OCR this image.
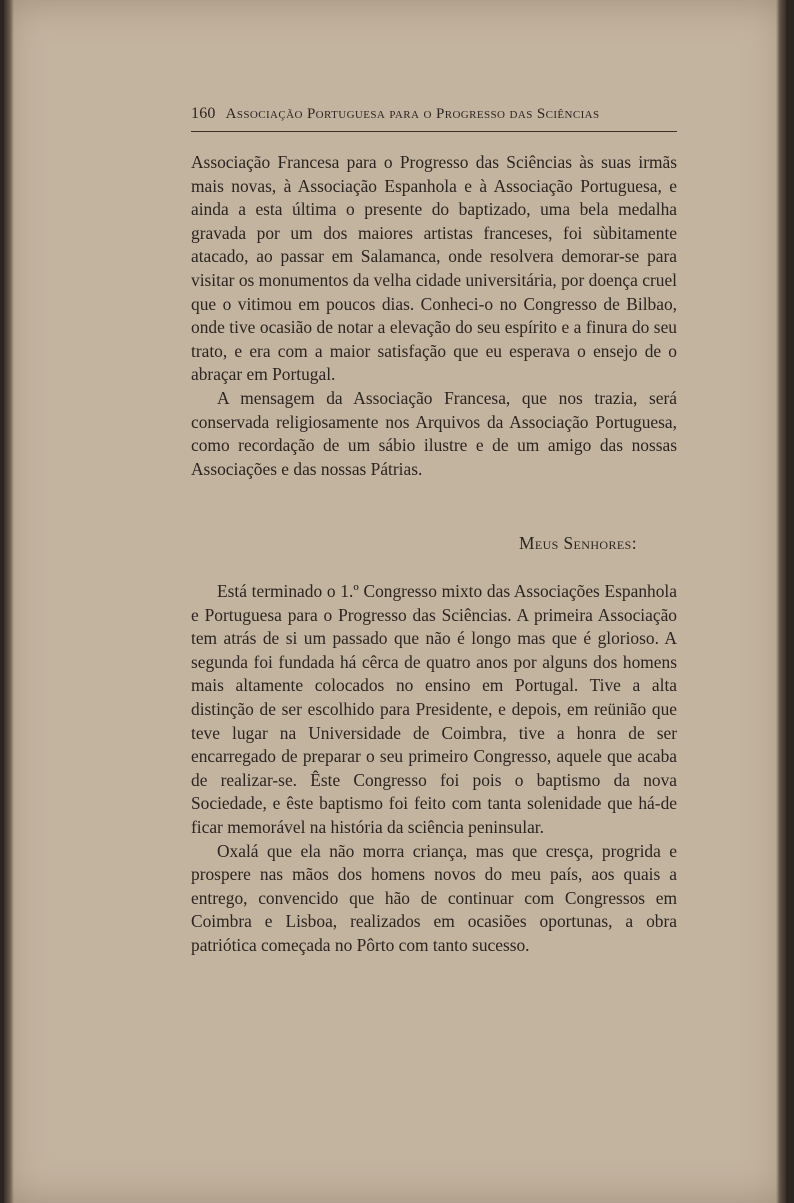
160 Associação Portuguesa para o Progresso das Sciências

Associação Francesa para o Progresso das Sciências às suas irmãs mais novas, à Associação Espanhola e à Associação Portuguesa, e ainda a esta última o presente do baptizado, uma bela medalha gravada por um dos maiores artistas franceses, foi sùbitamente atacado, ao passar em Salamanca, onde resolvera demorar-se para visitar os monumentos da velha cidade universitária, por doença cruel que o vitimou em poucos dias. Conheci-o no Congresso de Bilbao, onde tive ocasião de notar a elevação do seu espírito e a finura do seu trato, e era com a maior satisfação que eu esperava o ensejo de o abraçar em Portugal.

A mensagem da Associação Francesa, que nos trazia, será conservada religiosamente nos Arquivos da Associação Portuguesa, como recordação de um sábio ilustre e de um amigo das nossas Associações e das nossas Pátrias.

Meus Senhores:

Está terminado o 1.º Congresso mixto das Associações Espanhola e Portuguesa para o Progresso das Sciências. A primeira Associação tem atrás de si um passado que não é longo mas que é glorioso. A segunda foi fundada há cêrca de quatro anos por alguns dos homens mais altamente colocados no ensino em Portugal. Tive a alta distinção de ser escolhido para Presidente, e depois, em reünião que teve lugar na Universidade de Coimbra, tive a honra de ser encarregado de preparar o seu primeiro Congresso, aquele que acaba de realizar-se. Êste Congresso foi pois o baptismo da nova Sociedade, e êste baptismo foi feito com tanta solenidade que há-de ficar memorável na história da sciência peninsular.

Oxalá que ela não morra criança, mas que cresça, progrida e prospere nas mãos dos homens novos do meu país, aos quais a entrego, convencido que hão de continuar com Congressos em Coimbra e Lisboa, realizados em ocasiões oportunas, a obra patriótica começada no Pôrto com tanto sucesso.
